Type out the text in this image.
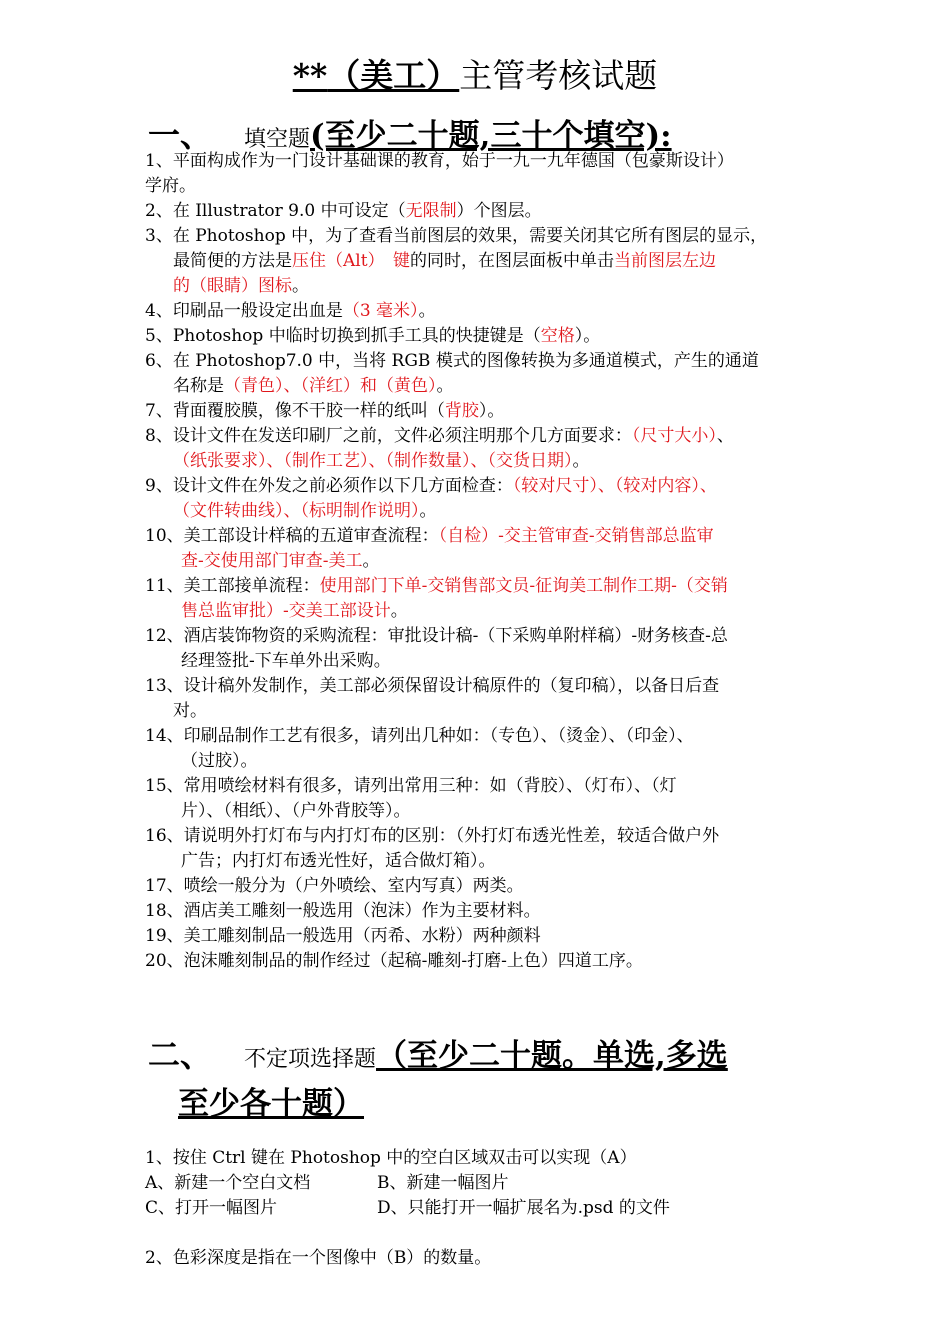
**（美工）主管考核试题
一、 填空题(至少二十题,三十个填空):

1、平面构成作为一门设计基础课的教育，始于一九一九年德国（包豪斯设计）

学府。

2、在 Illustrator 9.0 中可设定（无限制）个图层。

3、在 Photoshop 中，为了查看当前图层的效果，需要关闭其它所有图层的显示，

最简便的方法是压住（Alt）　键的同时，在图层面板中单击当前图层左边

的（眼睛）图标。

4、印刷品一般设定出血是（3 毫米）。

5、Photoshop 中临时切换到抓手工具的快捷键是（空格）。

6、在 Photoshop7.0 中，当将 RGB 模式的图像转换为多通道模式，产生的通道

名称是（青色）、（洋红）和（黄色）。

7、背面覆胶膜，像不干胶一样的纸叫（背胶）。

8、设计文件在发送印刷厂之前，文件必须注明那个几方面要求：（尺寸大小）、

（纸张要求）、（制作工艺）、（制作数量）、（交货日期）。

9、设计文件在外发之前必须作以下几方面检查：（较对尺寸）、（较对内容）、

（文件转曲线）、（标明制作说明）。

10、美工部设计样稿的五道审查流程：（自检）-交主管审查-交销售部总监审

查-交使用部门审查-美工。

11、美工部接单流程：使用部门下单-交销售部文员-征询美工制作工期-（交销

售总监审批）-交美工部设计。

12、酒店装饰物资的采购流程：审批设计稿-（下采购单附样稿）-财务核查-总

经理签批-下车单外出采购。

13、设计稿外发制作，美工部必须保留设计稿原件的（复印稿），以备日后查

对。

14、印刷品制作工艺有很多，请列出几种如：（专色）、（烫金）、（印金）、

（过胶）。

15、常用喷绘材料有很多，请列出常用三种：如（背胶）、（灯布）、（灯

片）、（相纸）、（户外背胶等）。

16、请说明外打灯布与内打灯布的区别：（外打灯布透光性差，较适合做户外

广告；内打灯布透光性好，适合做灯箱）。

17、喷绘一般分为（户外喷绘、室内写真）两类。

18、酒店美工雕刻一般选用（泡沫）作为主要材料。

19、美工雕刻制品一般选用（丙希、水粉）两种颜料

20、泡沫雕刻制品的制作经过（起稿-雕刻-打磨-上色）四道工序。

二、 不定项选择题（至少二十题。单选,多选
至少各十题）
1、按住 Ctrl 键在 Photoshop 中的空白区域双击可以实现（A）
A、新建一个空白文档	B、新建一幅图片
C、打开一幅图片	D、只能打开一幅扩展名为.psd 的文件
2、色彩深度是指在一个图像中（B）的数量。
